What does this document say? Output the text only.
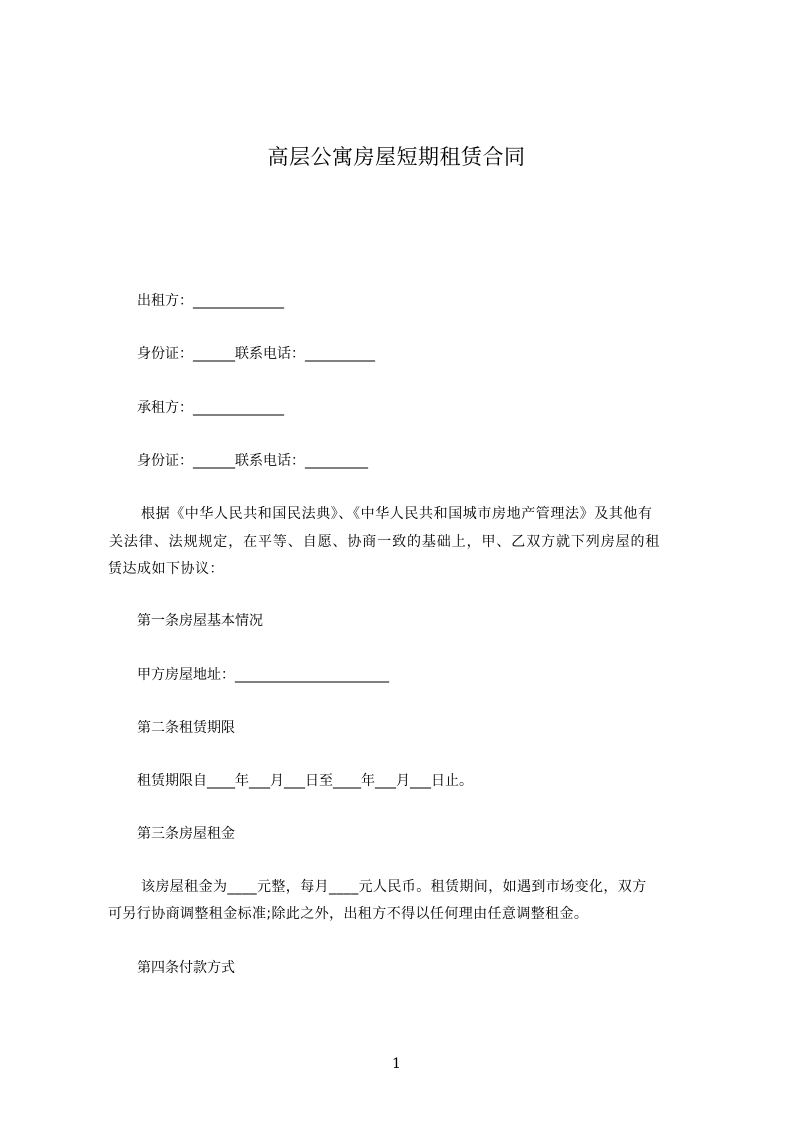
高层公寓房屋短期租赁合同
出租方：_____________
身份证：______联系电话：__________
承租方：_____________
身份证：______联系电话：_________
根据《中华人民共和国民法典》、《中华人民共和国城市房地产管理法》及其他有
关法律、法规规定，在平等、自愿、协商一致的基础上，甲、乙双方就下列房屋的租
赁达成如下协议：
第一条房屋基本情况
甲方房屋地址：______________________
第二条租赁期限
租赁期限自____年___月___日至____年___月___日止。
第三条房屋租金
该房屋租金为____元整，每月____元人民币。租赁期间，如遇到市场变化，双方
可另行协商调整租金标准;除此之外，出租方不得以任何理由任意调整租金。
第四条付款方式
1
